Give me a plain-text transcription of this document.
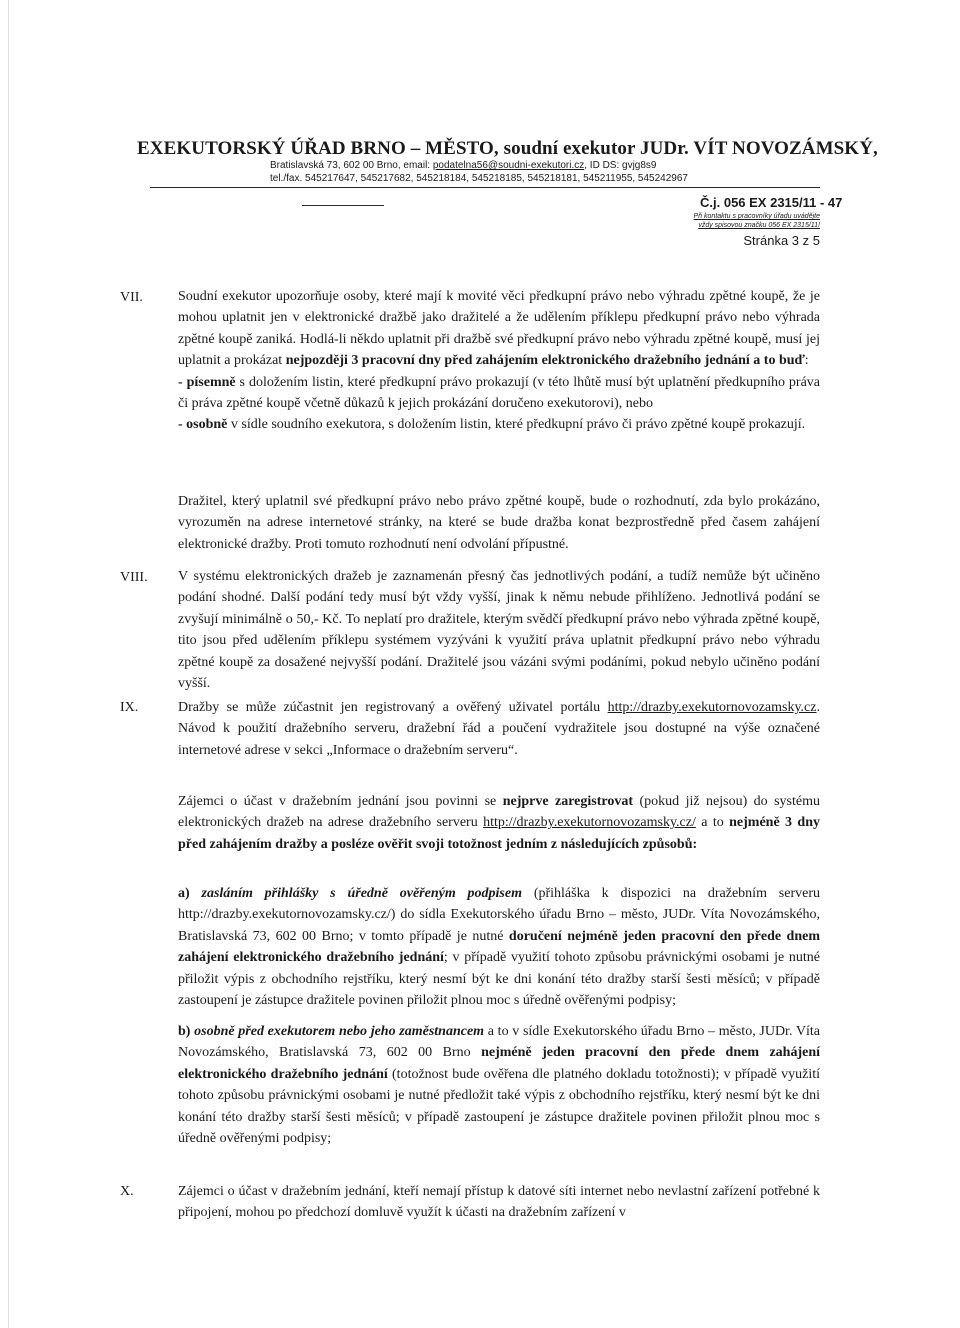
EXEKUTORSKÝ ÚŘAD BRNO – MĚSTO, soudní exekutor JUDr. VÍT NOVOZÁMSKÝ,
Bratislavská 73, 602 00 Brno, email: podatelna56@soudni-exekutori.cz, ID DS: gvjg8s9
tel./fax. 545217647, 545217682, 545218184, 545218185, 545218181, 545211955, 545242967
Č.j. 056 EX 2315/11 - 47
Při kontaktu s pracovníky úřadu uvádějte
vždy spisovou značku 056 EX 2315/11!
Stránka 3 z 5
VII.	Soudní exekutor upozorňuje osoby, které mají k movité věci předkupní právo nebo výhradu zpětné koupě, že je mohou uplatnit jen v elektronické dražbě jako dražitelé a že udělením příklepu předkupní právo nebo výhrada zpětné koupě zaniká. Hodlá-li někdo uplatnit při dražbě své předkupní právo nebo výhradu zpětné koupě, musí jej uplatnit a prokázat nejpozději 3 pracovní dny před zahájením elektronického dražebního jednání a to buď:
- písemně s doložením listin, které předkupní právo prokazují (v této lhůtě musí být uplatnění předkupního práva či práva zpětné koupě včetně důkazů k jejich prokázání doručeno exekutorovi), nebo
- osobně v sídle soudního exekutora, s doložením listin, které předkupní právo či právo zpětné koupě prokazují.
Dražitel, který uplatnil své předkupní právo nebo právo zpětné koupě, bude o rozhodnutí, zda bylo prokázáno, vyrozuměn na adrese internetové stránky, na které se bude dražba konat bezprostředně před časem zahájení elektronické dražby. Proti tomuto rozhodnutí není odvolání přípustné.
VIII.	V systému elektronických dražeb je zaznamenán přesný čas jednotlivých podání, a tudíž nemůže být učiněno podání shodné. Další podání tedy musí být vždy vyšší, jinak k němu nebude přihlíženo. Jednotlivá podání se zvyšují minimálně o 50,- Kč. To neplatí pro dražitele, kterým svědčí předkupní právo nebo výhrada zpětné koupě, tito jsou před udělením příklepu systémem vyzýváni k využití práva uplatnit předkupní právo nebo výhradu zpětné koupě za dosažené nejvyšší podání. Dražitelé jsou vázáni svými podáními, pokud nebylo učiněno podání vyšší.
IX.	Dražby se může zúčastnit jen registrovaný a ověřený uživatel portálu http://drazby.exekutornovozamsky.cz. Návod k použití dražebního serveru, dražební řád a poučení vydražitele jsou dostupné na výše označené internetové adrese v sekci „Informace o dražebním serveru“.
Zájemci o účast v dražebním jednání jsou povinni se nejprve zaregistrovat (pokud již nejsou) do systému elektronických dražeb na adrese dražebního serveru http://drazby.exekutornovozamsky.cz/ a to nejméně 3 dny před zahájením dražby a posléze ověřit svoji totožnost jedním z následujících způsobů:
a) zasláním přihlášky s úředně ověřeným podpisem (přihláška k dispozici na dražebním serveru http://drazby.exekutornovozamsky.cz/) do sídla Exekutorského úřadu Brno – město, JUDr. Víta Novozámského, Bratislavská 73, 602 00 Brno; v tomto případě je nutné doručení nejméně jeden pracovní den přede dnem zahájení elektronického dražebního jednání; v případě využití tohoto způsobu právnickými osobami je nutné přiložit výpis z obchodního rejstříku, který nesmí být ke dni konání této dražby starší šesti měsíců; v případě zastoupení je zástupce dražitele povinen přiložit plnou moc s úředně ověřenými podpisy;
b) osobně před exekutorem nebo jeho zaměstnancem a to v sídle Exekutorského úřadu Brno – město, JUDr. Víta Novozámského, Bratislavská 73, 602 00 Brno nejméně jeden pracovní den přede dnem zahájení elektronického dražebního jednání (totožnost bude ověřena dle platného dokladu totožnosti); v případě využití tohoto způsobu právnickými osobami je nutné předložit také výpis z obchodního rejstříku, který nesmí být ke dni konání této dražby starší šesti měsíců; v případě zastoupení je zástupce dražitele povinen přiložit plnou moc s úředně ověřenými podpisy;
X.	Zájemci o účast v dražebním jednání, kteří nemají přístup k datové síti internet nebo nevlastní zařízení potřebné k připojení, mohou po předchozí domluvě využít k účasti na dražebním zařízení v
